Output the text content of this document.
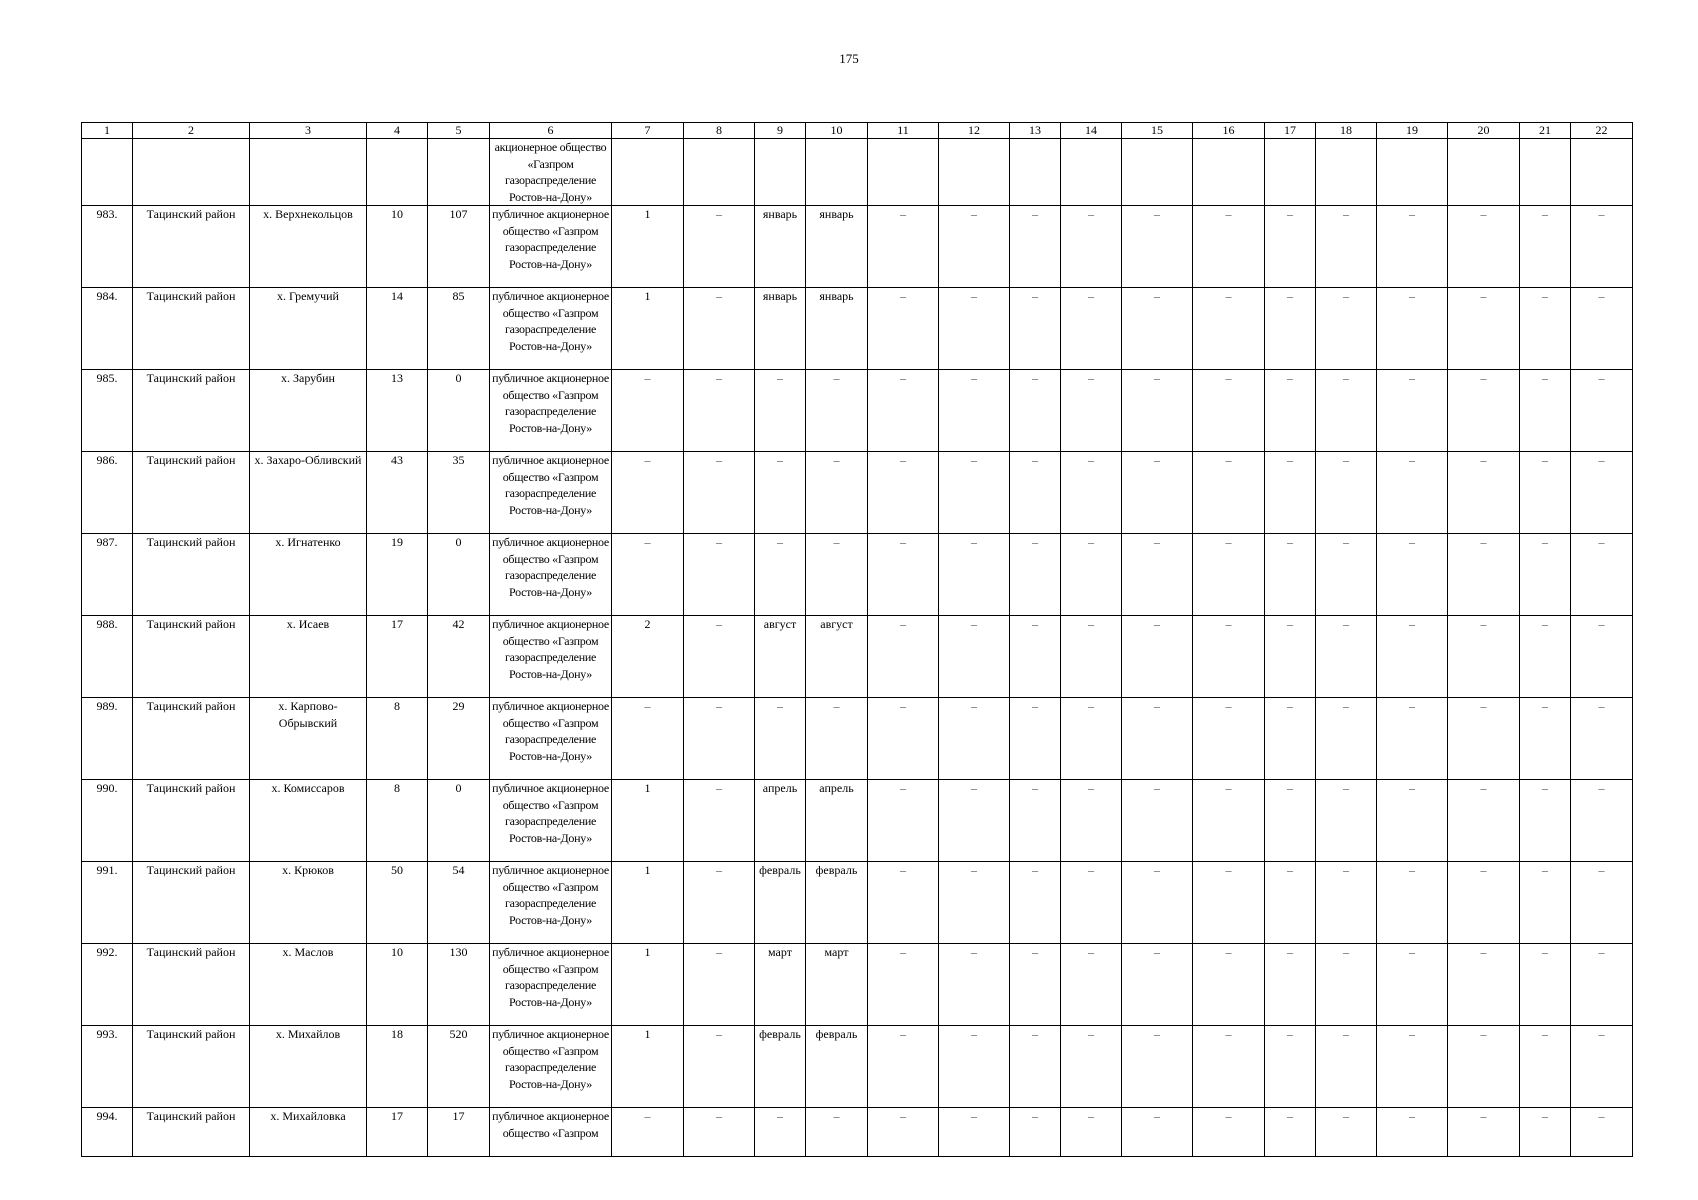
175
1	2	3	4	5	6	7	8	9	10	11	12	13	14	15	16	17	18	19	20	21	22
					акционерное общество «Газпром газораспределение Ростов-на-Дону»																
983.	Тацинский район	х. Верхнекольцов	10	107	публичное акционерное общество «Газпром газораспределение Ростов-на-Дону»	1	–	январь	январь	–	–	–	–	–	–	–	–	–	–	–	–
984.	Тацинский район	х. Гремучий	14	85	публичное акционерное общество «Газпром газораспределение Ростов-на-Дону»	1	–	январь	январь	–	–	–	–	–	–	–	–	–	–	–	–
985.	Тацинский район	х. Зарубин	13	0	публичное акционерное общество «Газпром газораспределение Ростов-на-Дону»	–	–	–	–	–	–	–	–	–	–	–	–	–	–	–	–
986.	Тацинский район	х. Захаро-Обливский	43	35	публичное акционерное общество «Газпром газораспределение Ростов-на-Дону»	–	–	–	–	–	–	–	–	–	–	–	–	–	–	–	–
987.	Тацинский район	х. Игнатенко	19	0	публичное акционерное общество «Газпром газораспределение Ростов-на-Дону»	–	–	–	–	–	–	–	–	–	–	–	–	–	–	–	–
988.	Тацинский район	х. Исаев	17	42	публичное акционерное общество «Газпром газораспределение Ростов-на-Дону»	2	–	август	август	–	–	–	–	–	–	–	–	–	–	–	–
989.	Тацинский район	х. Карпово-Обрывский	8	29	публичное акционерное общество «Газпром газораспределение Ростов-на-Дону»	–	–	–	–	–	–	–	–	–	–	–	–	–	–	–	–
990.	Тацинский район	х. Комиссаров	8	0	публичное акционерное общество «Газпром газораспределение Ростов-на-Дону»	1	–	апрель	апрель	–	–	–	–	–	–	–	–	–	–	–	–
991.	Тацинский район	х. Крюков	50	54	публичное акционерное общество «Газпром газораспределение Ростов-на-Дону»	1	–	февраль	февраль	–	–	–	–	–	–	–	–	–	–	–	–
992.	Тацинский район	х. Маслов	10	130	публичное акционерное общество «Газпром газораспределение Ростов-на-Дону»	1	–	март	март	–	–	–	–	–	–	–	–	–	–	–	–
993.	Тацинский район	х. Михайлов	18	520	публичное акционерное общество «Газпром газораспределение Ростов-на-Дону»	1	–	февраль	февраль	–	–	–	–	–	–	–	–	–	–	–	–
994.	Тацинский район	х. Михайловка	17	17	публичное акционерное общество «Газпром	–	–	–	–	–	–	–	–	–	–	–	–	–	–	–	–
